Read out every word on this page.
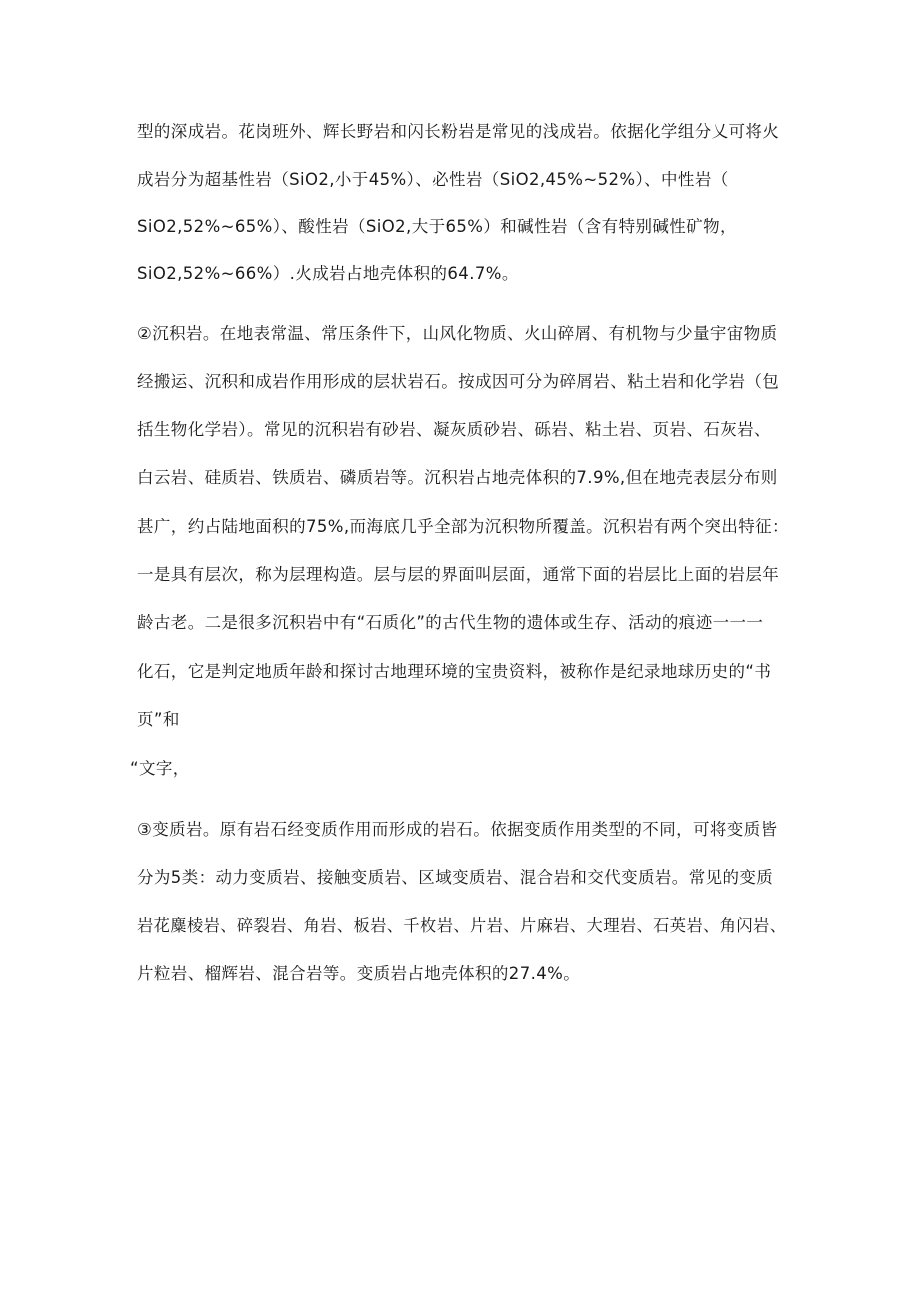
型的深成岩。花岗班外、辉长野岩和闪长粉岩是常见的浅成岩。依据化学组分乂可将火
成岩分为超基性岩（SiO2,小于45%）、必性岩（SiO2,45%~52%）、中性岩（
SiO2,52%~65%）、酸性岩（SiO2,大于65%）和碱性岩（含有特别碱性矿物，
SiO2,52%~66%）.火成岩占地壳体积的64.7%。
②沉积岩。在地表常温、常压条件下，山风化物质、火山碎屑、有机物与少量宇宙物质
经搬运、沉积和成岩作用形成的层状岩石。按成因可分为碎屑岩、粘土岩和化学岩（包
括生物化学岩）。常见的沉积岩有砂岩、凝灰质砂岩、砾岩、粘土岩、页岩、石灰岩、
白云岩、硅质岩、铁质岩、磷质岩等。沉积岩占地壳体积的7.9%,但在地壳表层分布则
甚广，约占陆地面积的75%,而海底几乎全部为沉积物所覆盖。沉积岩有两个突出特征：
一是具有层次，称为层理构造。层与层的界面叫层面，通常下面的岩层比上面的岩层年
龄古老。二是很多沉积岩中有“石质化”的古代生物的遗体或生存、活动的痕迹一一一
化石，它是判定地质年龄和探讨古地理环境的宝贵资料，被称作是纪录地球历史的“书
页”和
“文字，
③变质岩。原有岩石经变质作用而形成的岩石。依据变质作用类型的不同，可将变质皆
分为5类：动力变质岩、接触变质岩、区域变质岩、混合岩和交代变质岩。常见的变质
岩花麋棱岩、碎裂岩、角岩、板岩、千枚岩、片岩、片麻岩、大理岩、石英岩、角闪岩、
片粒岩、榴辉岩、混合岩等。变质岩占地壳体积的27.4%。
